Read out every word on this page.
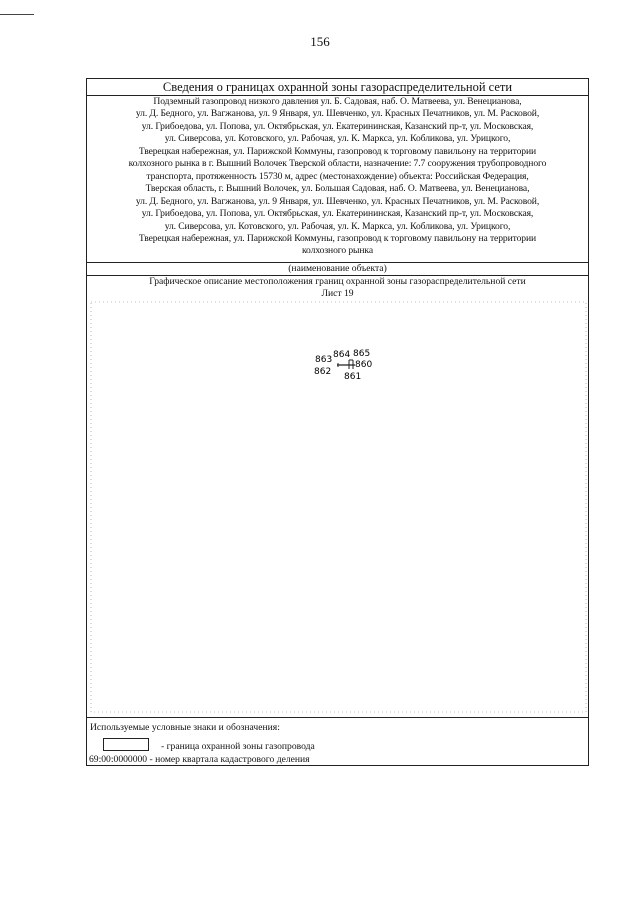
156
Сведения о границах охранной зоны газораспределительной сети
Подземный газопровод низкого давления ул. Б. Садовая, наб. О. Матвеева, ул. Венецианова,
ул. Д. Бедного, ул. Вагжанова, ул. 9 Января, ул. Шевченко, ул. Красных Печатников, ул. М. Расковой,
ул. Грибоедова, ул. Попова, ул. Октябрьская, ул. Екатерининская, Казанский пр-т, ул. Московская,
ул. Сиверсова, ул. Котовского, ул. Рабочая, ул. К. Маркса, ул. Кобликова, ул. Урицкого,
Тверецкая набережная, ул. Парижской Коммуны, газопровод к торговому павильону на территории
колхозного рынка в г. Вышний Волочек Тверской области, назначение: 7.7 сооружения трубопроводного
транспорта, протяженность 15730 м, адрес (местонахождение) объекта: Российская Федерация,
Тверская область, г. Вышний Волочек, ул. Большая Садовая, наб. О. Матвеева, ул. Венецианова,
ул. Д. Бедного, ул. Вагжанова, ул. 9 Января, ул. Шевченко, ул. Красных Печатников, ул. М. Расковой,
ул. Грибоедова, ул. Попова, ул. Октябрьская, ул. Екатерининская, Казанский пр-т, ул. Московская,
ул. Сиверсова, ул. Котовского, ул. Рабочая, ул. К. Маркса, ул. Кобликова, ул. Урицкого,
Тверецкая набережная, ул. Парижской Коммуны, газопровод к торговому павильону на территории
колхозного рынка
(наименование объекта)
Графическое описание местоположения границ охранной зоны газораспределительной сети
Лист 19
863 864 865
860
862 861
Используемые условные знаки и обозначения:
- граница охранной зоны газопровода
69:00:0000000 - номер квартала кадастрового деления
